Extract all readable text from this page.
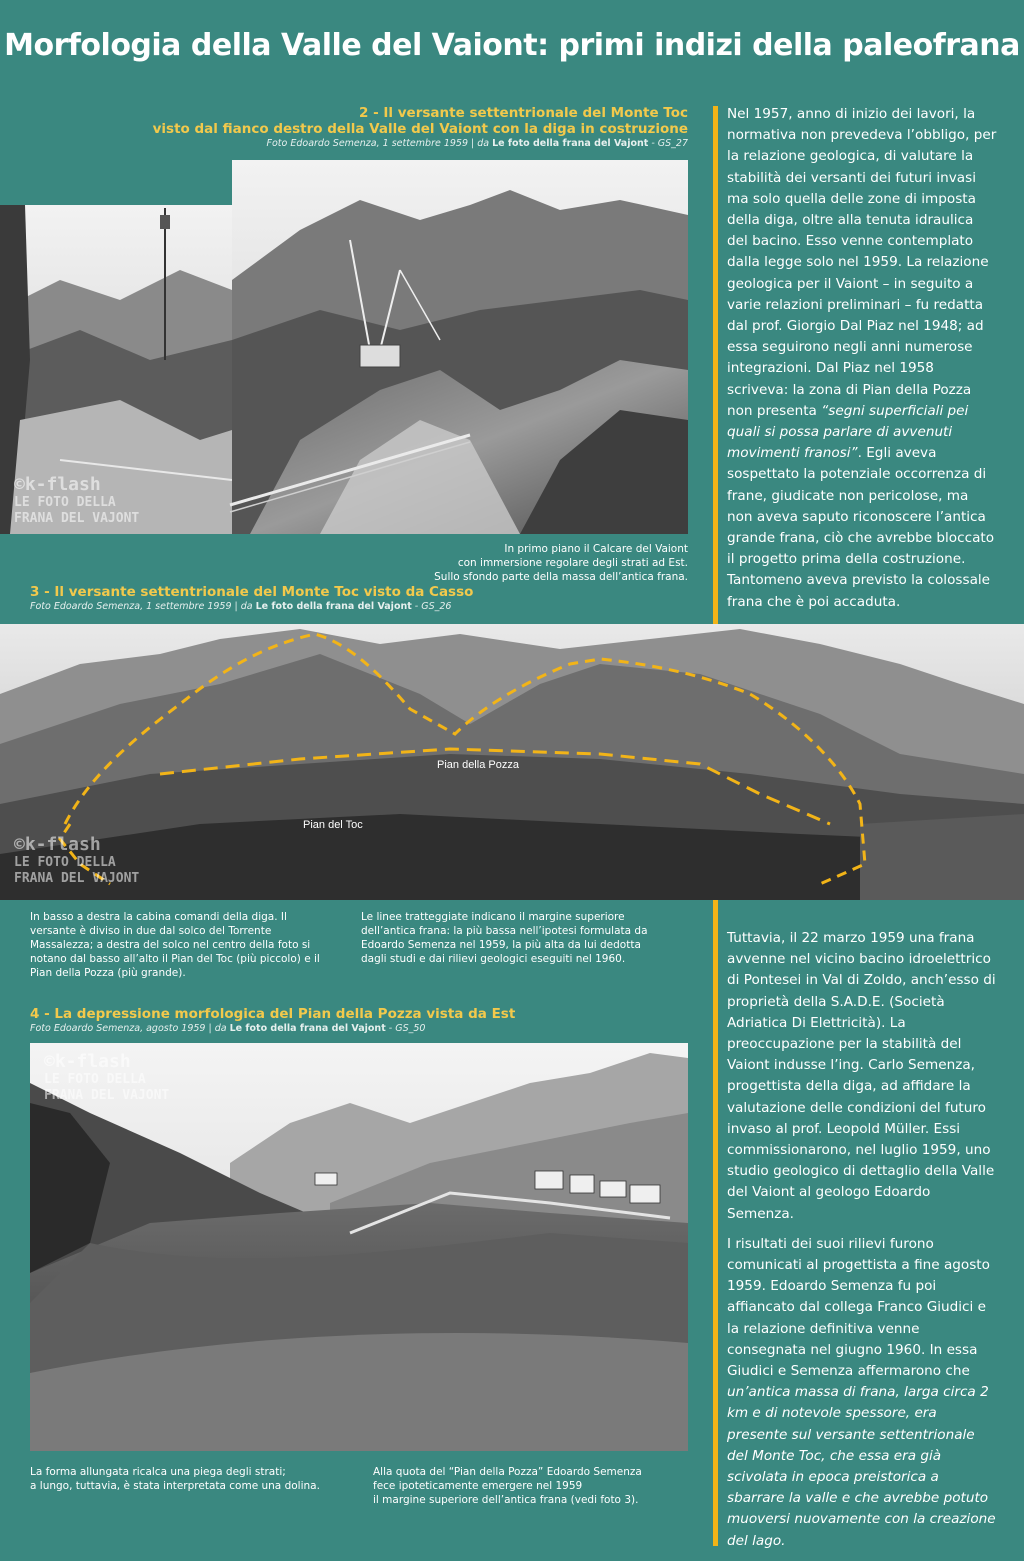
Morfologia della Valle del Vaiont: primi indizi della paleofrana
2 - Il versante settentrionale del Monte Toc
visto dal fianco destro della Valle del Vaiont con la diga in costruzione
Foto Edoardo Semenza, 1 settembre 1959 | da Le foto della frana del Vajont - GS_27
©k-flash
LE FOTO DELLA
FRANA DEL VAJONT
In primo piano il Calcare del Vaiont
con immersione regolare degli strati ad Est.
Sullo sfondo parte della massa dell’antica frana.
3 - Il versante settentrionale del Monte Toc visto da Casso
Foto Edoardo Semenza, 1 settembre 1959 | da Le foto della frana del Vajont - GS_26
Pian della Pozza
Pian del Toc
©k-flash
LE FOTO DELLA
FRANA DEL VAJONT
In basso a destra la cabina comandi della diga. Il versante è diviso in due dal solco del Torrente Massalezza; a destra del solco nel centro della foto si notano dal basso all’alto il Pian del Toc (più piccolo) e il Pian della Pozza (più grande).
Le linee tratteggiate indicano il margine superiore dell’antica frana: la più bassa nell’ipotesi formulata da Edoardo Semenza nel 1959, la più alta da lui dedotta dagli studi e dai rilievi geologici eseguiti nel 1960.
4 - La depressione morfologica del Pian della Pozza vista da Est
Foto Edoardo Semenza, agosto 1959 | da Le foto della frana del Vajont - GS_50
©k-flash
LE FOTO DELLA
FRANA DEL VAJONT
La forma allungata ricalca una piega degli strati;
a lungo, tuttavia, è stata interpretata come una dolina.
Alla quota del “Pian della Pozza” Edoardo Semenza
fece ipoteticamente emergere nel 1959
il margine superiore dell’antica frana (vedi foto 3).

Nel 1957, anno di inizio dei lavori, la normativa non prevedeva l’obbligo, per la relazione geologica, di valutare la stabilità dei versanti dei futuri invasi ma solo quella delle zone di imposta della diga, oltre alla tenuta idraulica del bacino. Esso venne contemplato dalla legge solo nel 1959. La relazione geologica per il Vaiont – in seguito a varie relazioni preliminari – fu redatta dal prof. Giorgio Dal Piaz nel 1948; ad essa seguirono negli anni numerose integrazioni. Dal Piaz nel 1958 scriveva: la zona di Pian della Pozza non presenta “segni superficiali pei quali si possa parlare di avvenuti movimenti franosi”. Egli aveva sospettato la potenziale occorrenza di frane, giudicate non pericolose, ma non aveva saputo riconoscere l’antica grande frana, ciò che avrebbe bloccato il progetto prima della costruzione. Tantomeno aveva previsto la colossale frana che è poi accaduta.

Tuttavia, il 22 marzo 1959 una frana avvenne nel vicino bacino idroelettrico di Pontesei in Val di Zoldo, anch’esso di proprietà della S.A.D.E. (Società Adriatica Di Elettricità). La preoccupazione per la stabilità del Vaiont indusse l’ing. Carlo Semenza, progettista della diga, ad affidare la valutazione delle condizioni del futuro invaso al prof. Leopold Müller. Essi commissionarono, nel luglio 1959, uno studio geologico di dettaglio della Valle del Vaiont al geologo Edoardo Semenza.

I risultati dei suoi rilievi furono comunicati al progettista a fine agosto 1959. Edoardo Semenza fu poi affiancato dal collega Franco Giudici e la relazione definitiva venne consegnata nel giugno 1960. In essa Giudici e Semenza affermarono che un’antica massa di frana, larga circa 2 km e di notevole spessore, era presente sul versante settentrionale del Monte Toc, che essa era già scivolata in epoca preistorica a sbarrare la valle e che avrebbe potuto muoversi nuovamente con la creazione del lago.
